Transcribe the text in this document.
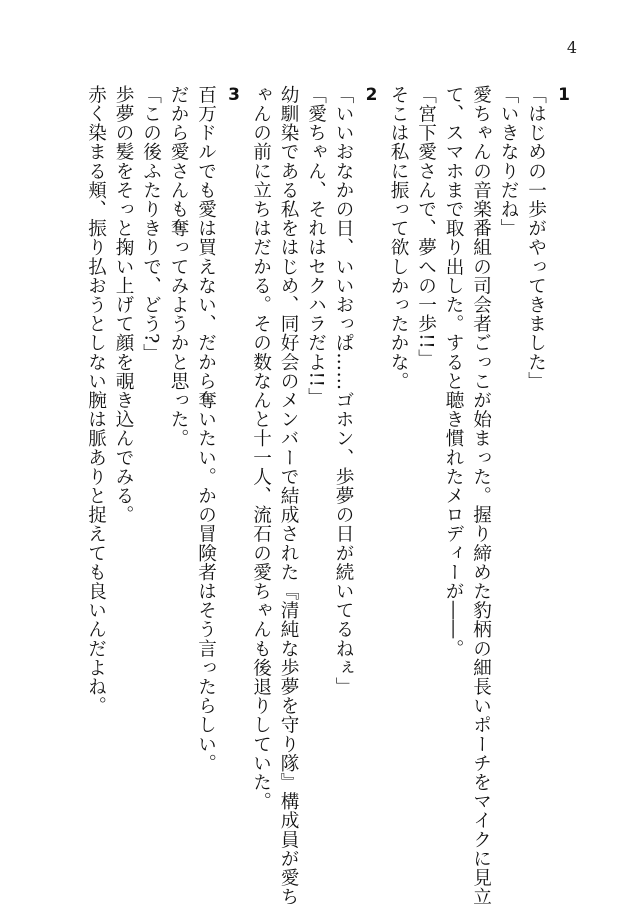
4
1
「はじめの一歩がやってきました」
「いきなりだね」
愛ちゃんの音楽番組の司会者ごっこが始まった。握り締めた豹柄の細長いポーチをマイクに見立
て、スマホまで取り出した。すると聴き慣れたメロディーが――。
「宮下愛さんで、夢への一歩!!」
そこは私に振って欲しかったかな。
2
「いいおなかの日、いいおっぱ……ゴホン、歩夢の日が続いてるねぇ」
「愛ちゃん、それはセクハラだよ!!」
幼馴染である私をはじめ、同好会のメンバーで結成された『清純な歩夢を守り隊』構成員が愛ち
ゃんの前に立ちはだかる。その数なんと十一人、流石の愛ちゃんも後退りしていた。
3
百万ドルでも愛は買えない、だから奪いたい。かの冒険者はそう言ったらしい。
だから愛さんも奪ってみようかと思った。
「この後ふたりきりで、どう?」
歩夢の髪をそっと掬い上げて顔を覗き込んでみる。
赤く染まる頬、振り払おうとしない腕は脈ありと捉えても良いんだよね。
